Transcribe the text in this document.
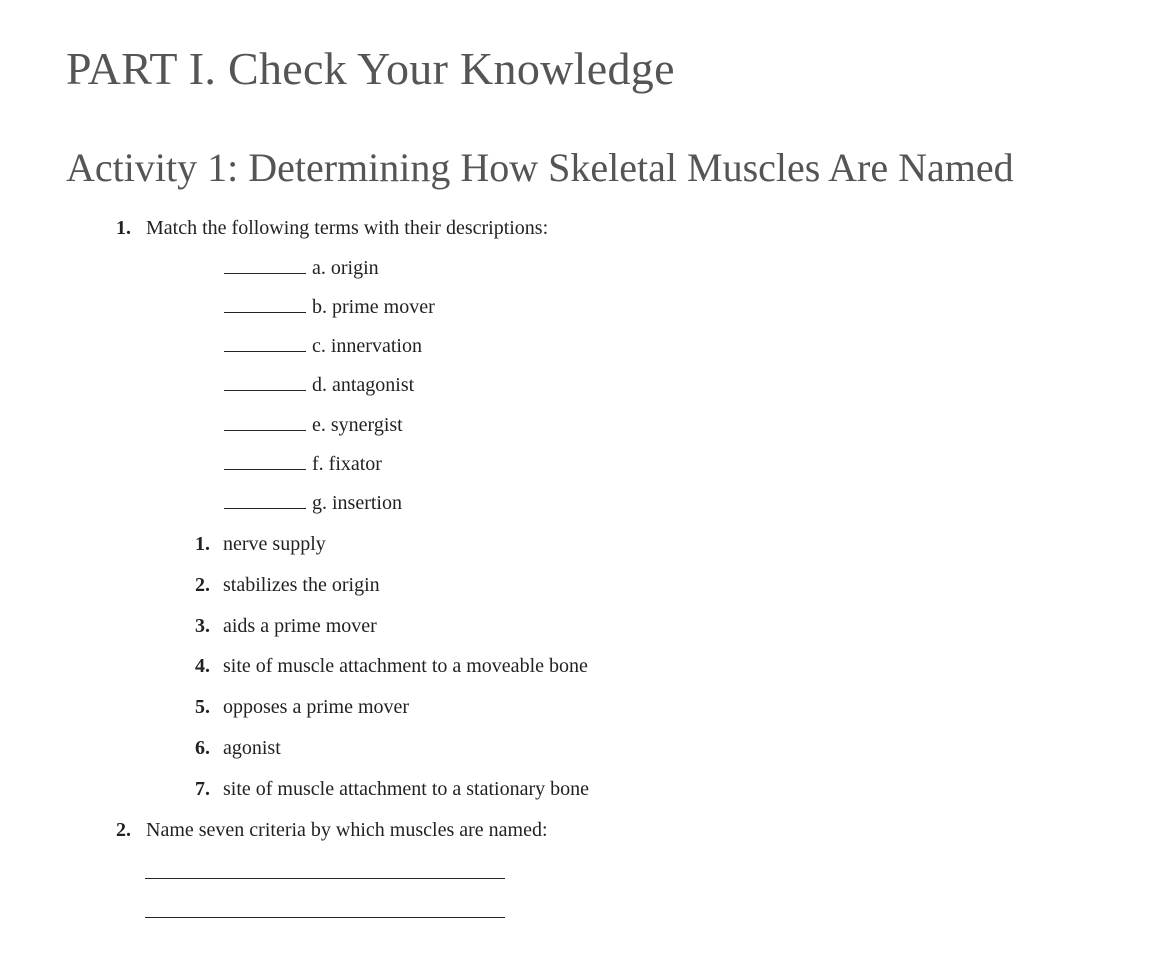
PART I. Check Your Knowledge
Activity 1: Determining How Skeletal Muscles Are Named
1. Match the following terms with their descriptions:
a. origin
b. prime mover
c. innervation
d. antagonist
e. synergist
f. fixator
g. insertion
1. nerve supply
2. stabilizes the origin
3. aids a prime mover
4. site of muscle attachment to a moveable bone
5. opposes a prime mover
6. agonist
7. site of muscle attachment to a stationary bone
2. Name seven criteria by which muscles are named:
